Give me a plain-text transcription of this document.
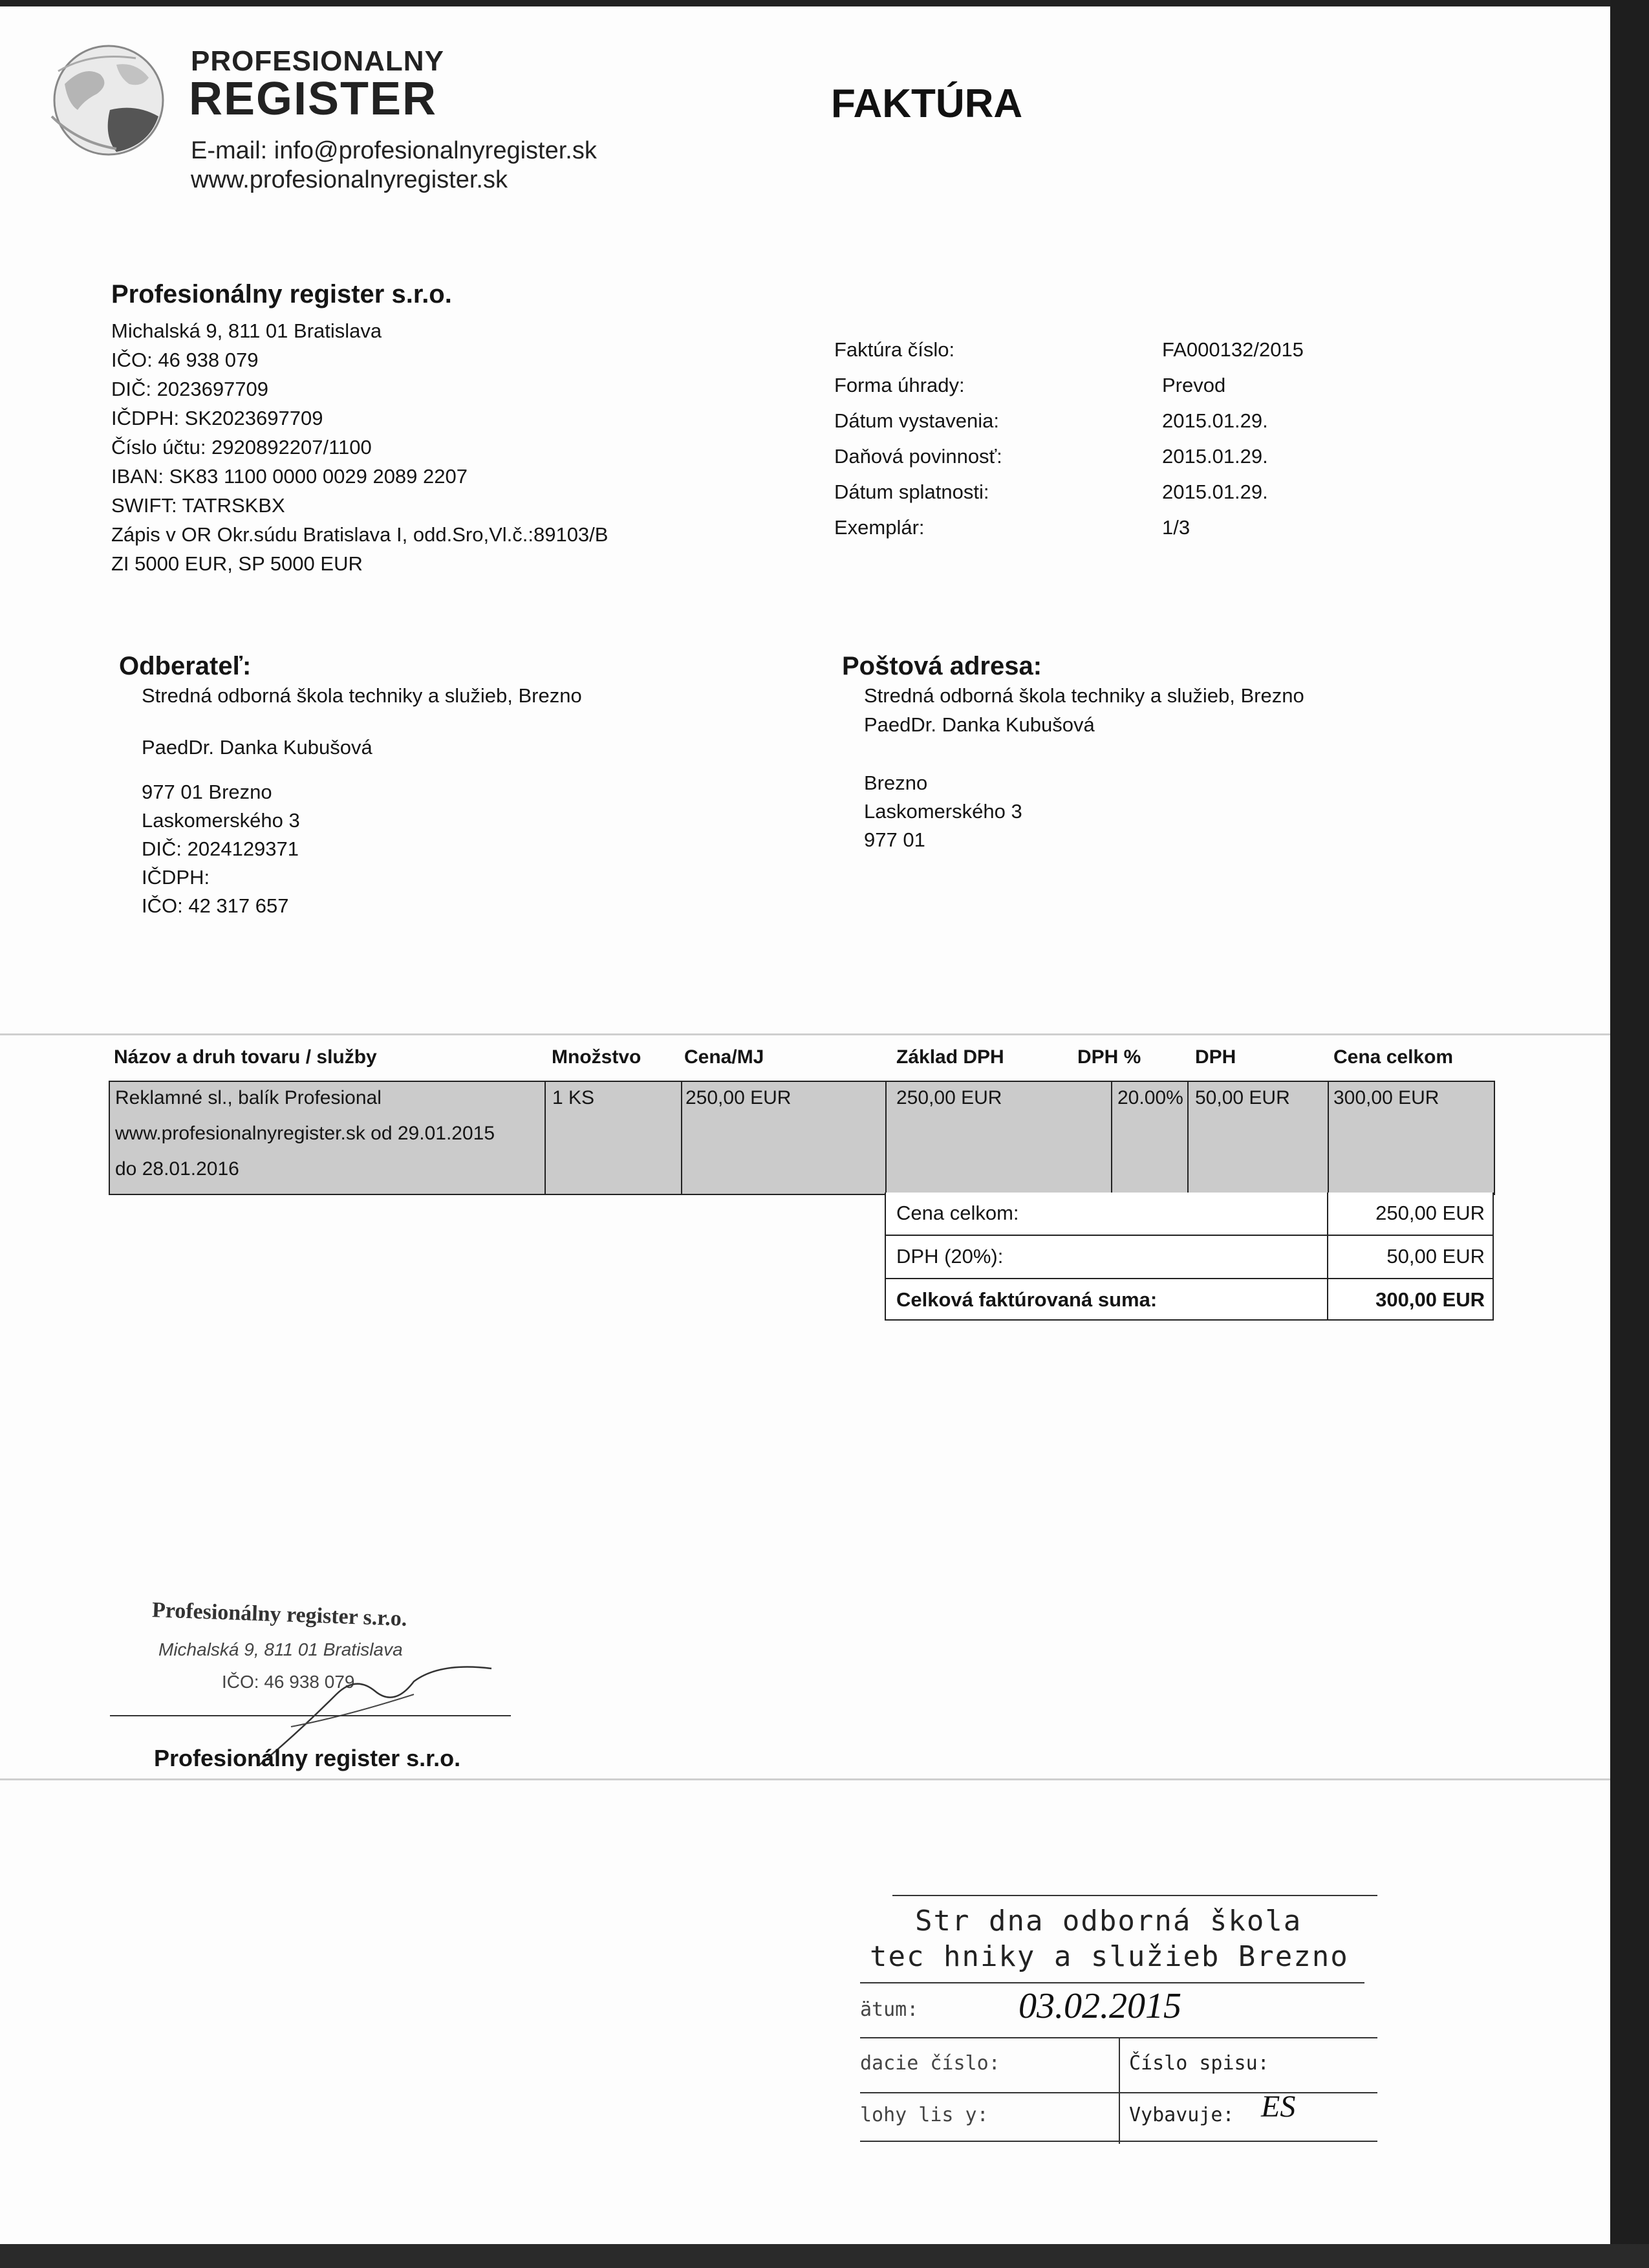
PROFESIONALNY
REGISTER
E-mail: info@profesionalnyregister.sk
www.profesionalnyregister.sk
FAKTÚRA
Profesionálny register s.r.o.
Michalská 9, 811 01 Bratislava
IČO: 46 938 079
DIČ: 2023697709
IČDPH: SK2023697709
Číslo účtu: 2920892207/1100
IBAN: SK83 1100 0000 0029 2089 2207
SWIFT: TATRSKBX
Zápis v OR Okr.súdu Bratislava I, odd.Sro,Vl.č.:89103/B
ZI 5000 EUR, SP 5000 EUR
Faktúra číslo:	FA000132/2015
Forma úhrady:	Prevod
Dátum vystavenia:	2015.01.29.
Daňová povinnosť:	2015.01.29.
Dátum splatnosti:	2015.01.29.
Exemplár:	1/3
Odberateľ:
Stredná odborná škola techniky a služieb, Brezno
PaedDr. Danka Kubušová
977 01 Brezno
Laskomerského 3
DIČ: 2024129371
IČDPH:
IČO: 42 317 657
Poštová adresa:
Stredná odborná škola techniky a služieb, Brezno
PaedDr. Danka Kubušová
Brezno
Laskomerského 3
977 01
Názov a druh tovaru / služby	Množstvo Cena/MJ	Základ DPH	DPH %	DPH	Cena celkom
Reklamné sl., balík Profesional
www.profesionalnyregister.sk od 29.01.2015
do 28.01.2016
1 KS	250,00 EUR	250,00 EUR	20.00% 50,00 EUR 300,00 EUR
Cena celkom:	250,00 EUR
DPH (20%):	50,00 EUR
Celková faktúrovaná suma:	300,00 EUR
Profesionálny register s.r.o.
Michalská 9, 811 01 Bratislava
IČO: 46 938 079
Profesionálny register s.r.o.
Str dna odborná škola
tec hniky a služieb Brezno
ätum:	03.02.2015
dacie číslo:	Číslo spisu:
lohy lis y:	Vybavuje: ES
